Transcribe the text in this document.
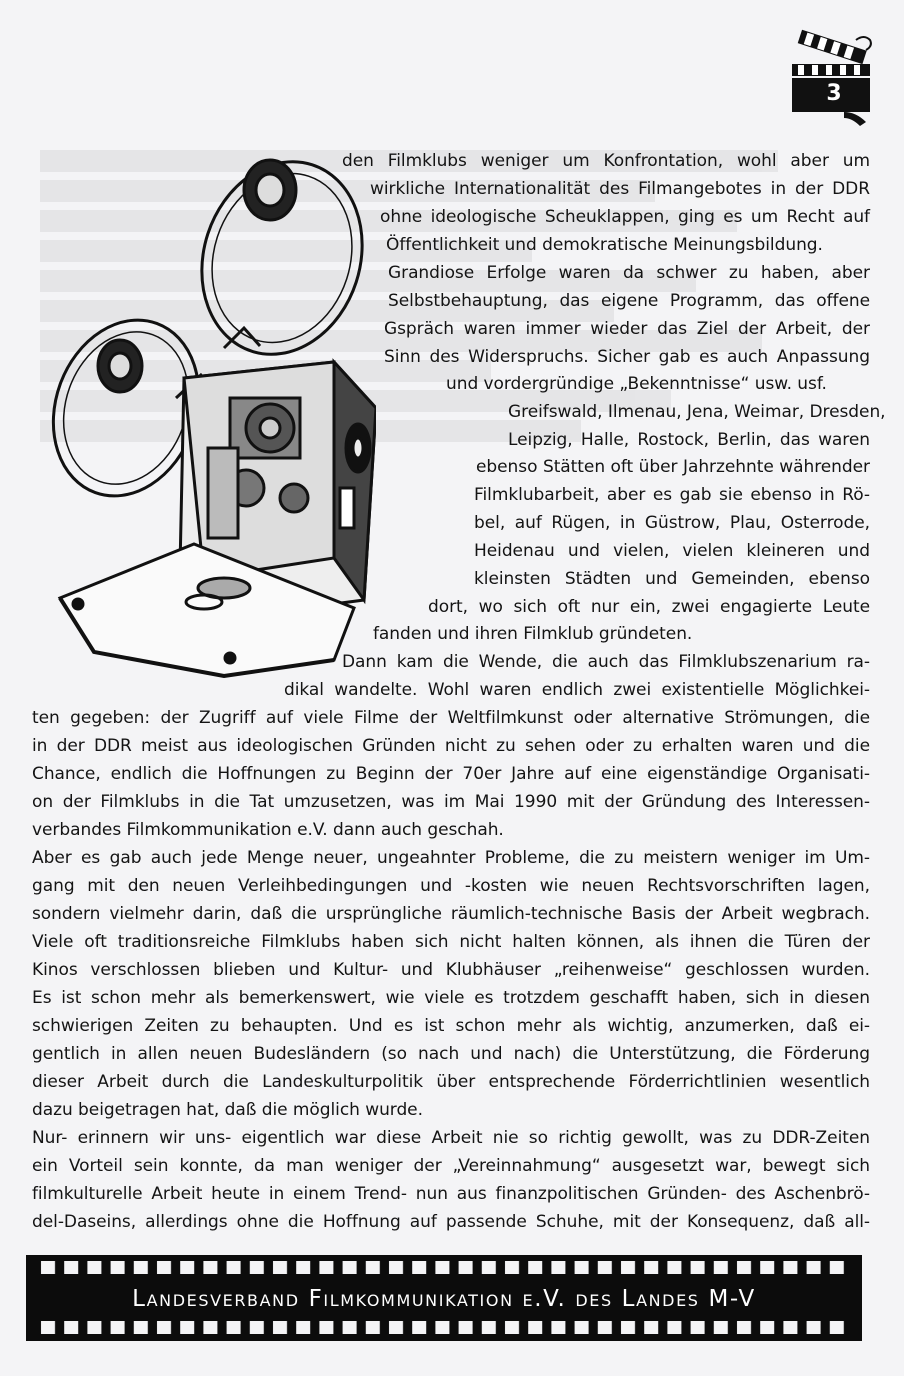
3
den Filmklubs weniger um Konfrontation, wohl aber um
wirkliche Internationalität des Filmangebotes in der DDR
ohne ideologische Scheuklappen, ging es um Recht auf
Öffentlichkeit und demokratische Meinungsbildung.
Grandiose Erfolge waren da schwer zu haben, aber
Selbstbehauptung, das eigene Programm, das offene
Gspräch waren immer wieder das Ziel der Arbeit, der
Sinn des Widerspruchs. Sicher gab es auch Anpassung
und vordergründige „Bekenntnisse“ usw. usf.
Greifswald, Ilmenau, Jena, Weimar, Dresden,
Leipzig, Halle, Rostock, Berlin, das waren
ebenso Stätten oft über Jahrzehnte währender
Filmklubarbeit, aber es gab sie ebenso in Rö-
bel, auf Rügen, in Güstrow, Plau, Osterrode,
Heidenau und vielen, vielen kleineren und
kleinsten Städten und Gemeinden, ebenso
dort, wo sich oft nur ein, zwei engagierte Leute
fanden und ihren Filmklub gründeten.
Dann kam die Wende, die auch das Filmklubszenarium ra-
dikal wandelte. Wohl waren endlich zwei existentielle Möglichkei-
ten gegeben: der Zugriff auf viele Filme der Weltfilmkunst oder alternative Strömungen, die
in der DDR meist aus ideologischen Gründen nicht zu sehen oder zu erhalten waren und die
Chance, endlich die Hoffnungen zu Beginn der 70er Jahre auf eine eigenständige Organisati-
on der Filmklubs in die Tat umzusetzen, was im Mai 1990 mit der Gründung des Interessen-
verbandes Filmkommunikation e.V. dann auch geschah.
Aber es gab auch jede Menge neuer, ungeahnter Probleme, die zu meistern weniger im Um-
gang mit den neuen Verleihbedingungen und -kosten wie neuen Rechtsvorschriften lagen,
sondern vielmehr darin, daß die ursprüngliche räumlich-technische Basis der Arbeit wegbrach.
Viele oft traditionsreiche Filmklubs haben sich nicht halten können, als ihnen die Türen der
Kinos verschlossen blieben und Kultur- und Klubhäuser „reihenweise“ geschlossen wurden.
Es ist schon mehr als bemerkenswert, wie viele es trotzdem geschafft haben, sich in diesen
schwierigen Zeiten zu behaupten. Und es ist schon mehr als wichtig, anzumerken, daß ei-
gentlich in allen neuen Budesländern (so nach und nach) die Unterstützung, die Förderung
dieser Arbeit durch die Landeskulturpolitik über entsprechende Förderrichtlinien wesentlich
dazu beigetragen hat, daß die möglich wurde.
Nur- erinnern wir uns- eigentlich war diese Arbeit nie so richtig gewollt, was zu DDR-Zeiten
ein Vorteil sein konnte, da man weniger der „Vereinnahmung“ ausgesetzt war, bewegt sich
filmkulturelle Arbeit heute in einem Trend- nun aus finanzpolitischen Gründen- des Aschenbrö-
del-Daseins, allerdings ohne die Hoffnung auf passende Schuhe, mit der Konsequenz, daß all-
Landesverband Filmkommunikation e.V. des Landes M-V
